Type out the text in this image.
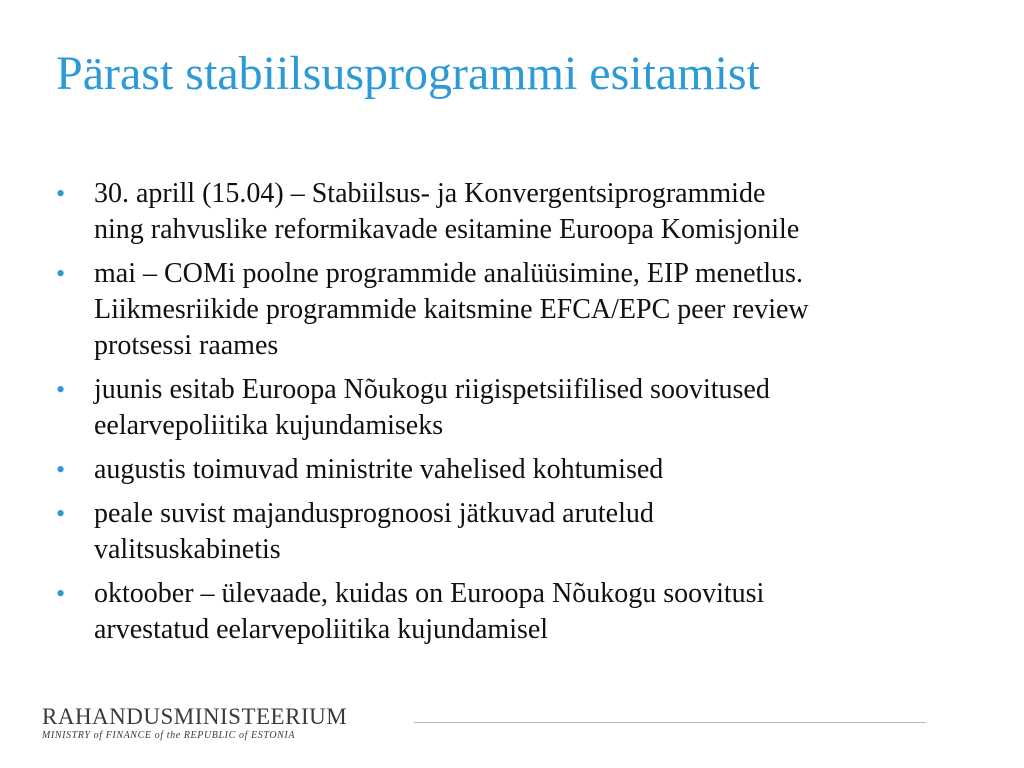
Pärast stabiilsusprogrammi esitamist
• 30. aprill (15.04) – Stabiilsus- ja Konvergentsiprogrammide
ning rahvuslike reformikavade esitamine Euroopa Komisjonile
• mai – COMi poolne programmide analüüsimine, EIP menetlus.
Liikmesriikide programmide kaitsmine EFCA/EPC peer review
protsessi raames
• juunis esitab Euroopa Nõukogu riigispetsiifilised soovitused
eelarvepoliitika kujundamiseks
• augustis toimuvad ministrite vahelised kohtumised
• peale suvist majandusprognoosi jätkuvad arutelud
valitsuskabinetis
• oktoober – ülevaade, kuidas on Euroopa Nõukogu soovitusi
arvestatud eelarvepoliitika kujundamisel
RAHANDUSMINISTEERIUM
MINISTRY of FINANCE of the REPUBLIC of ESTONIA
